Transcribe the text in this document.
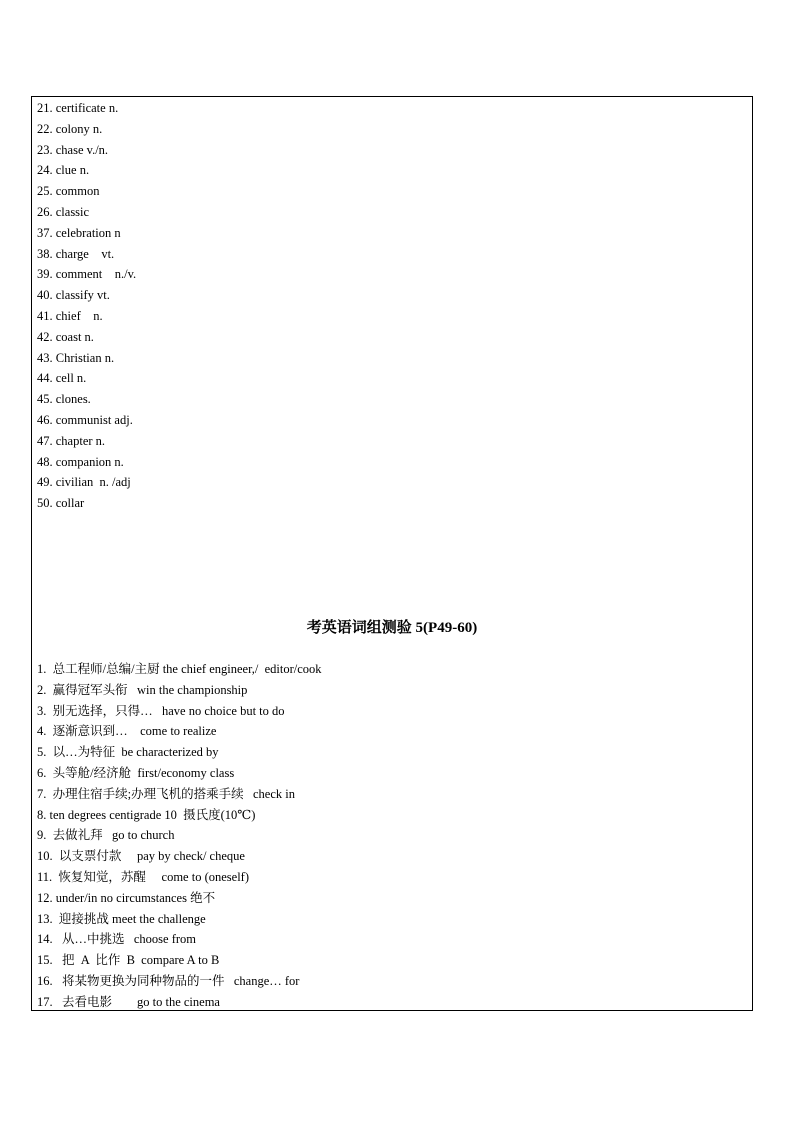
21. certificate n.
22. colony n.
23. chase v./n.
24. clue n.
25. common
26. classic
37. celebration n
38. charge    vt.
39. comment    n./v.
40. classify vt.
41. chief    n.
42. coast n.
43. Christian n.
44. cell n.
45. clones.
46. communist adj.
47. chapter n.
48. companion n.
49. civilian  n. /adj
50. collar
考英语词组测验 5(P49-60)
1.  总工程师/总编/主厨 the chief engineer,/  editor/cook
2.  赢得冠军头衔   win the championship
3.  别无选择，只得…   have no choice but to do
4.  逐渐意识到…    come to realize
5.  以…为特征  be characterized by
6.  头等舱/经济舱  first/economy class
7.  办理住宿手续;办理飞机的搭乘手续   check in
8. ten degrees centigrade 10  摄氏度(10℃)
9.  去做礼拜   go to church
10.  以支票付款     pay by check/ cheque
11.  恢复知觉，苏醒     come to (oneself)
12. under/in no circumstances 绝不
13.  迎接挑战 meet the challenge
14.   从…中挑选   choose from
15.   把  A  比作  B  compare A to B
16.   将某物更换为同种物品的一件   change… for
17.   去看电影        go to the cinema
